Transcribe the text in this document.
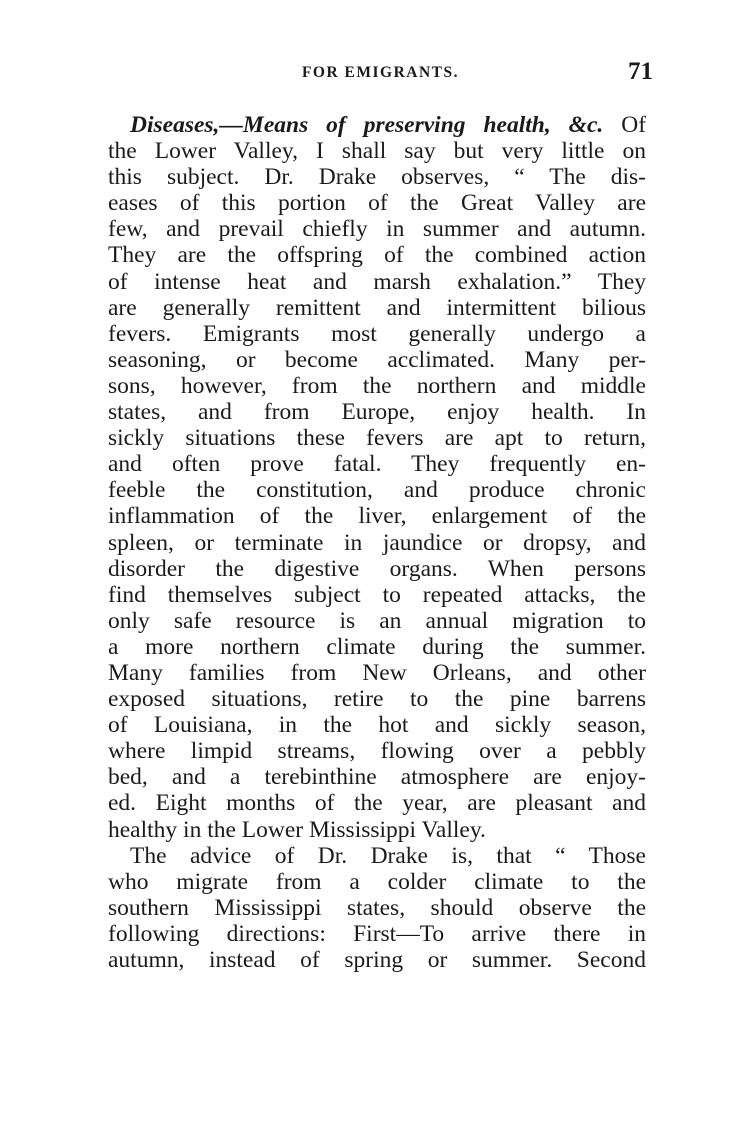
FOR EMIGRANTS.	71
Diseases,—Means of preserving health, &c. Of
the Lower Valley, I shall say but very little on
this subject. Dr. Drake observes, “ The dis-
eases of this portion of the Great Valley are
few, and prevail chiefly in summer and autumn.
They are the offspring of the combined action
of intense heat and marsh exhalation.” They
are generally remittent and intermittent bilious
fevers. Emigrants most generally undergo a
seasoning, or become acclimated. Many per-
sons, however, from the northern and middle
states, and from Europe, enjoy health. In
sickly situations these fevers are apt to return,
and often prove fatal. They frequently en-
feeble the constitution, and produce chronic
inflammation of the liver, enlargement of the
spleen, or terminate in jaundice or dropsy, and
disorder the digestive organs. When persons
find themselves subject to repeated attacks, the
only safe resource is an annual migration to
a more northern climate during the summer.
Many families from New Orleans, and other
exposed situations, retire to the pine barrens
of Louisiana, in the hot and sickly season,
where limpid streams, flowing over a pebbly
bed, and a terebinthine atmosphere are enjoy-
ed. Eight months of the year, are pleasant and
healthy in the Lower Mississippi Valley.
The advice of Dr. Drake is, that “ Those
who migrate from a colder climate to the
southern Mississippi states, should observe the
following directions: First—To arrive there in
autumn, instead of spring or summer. Second
